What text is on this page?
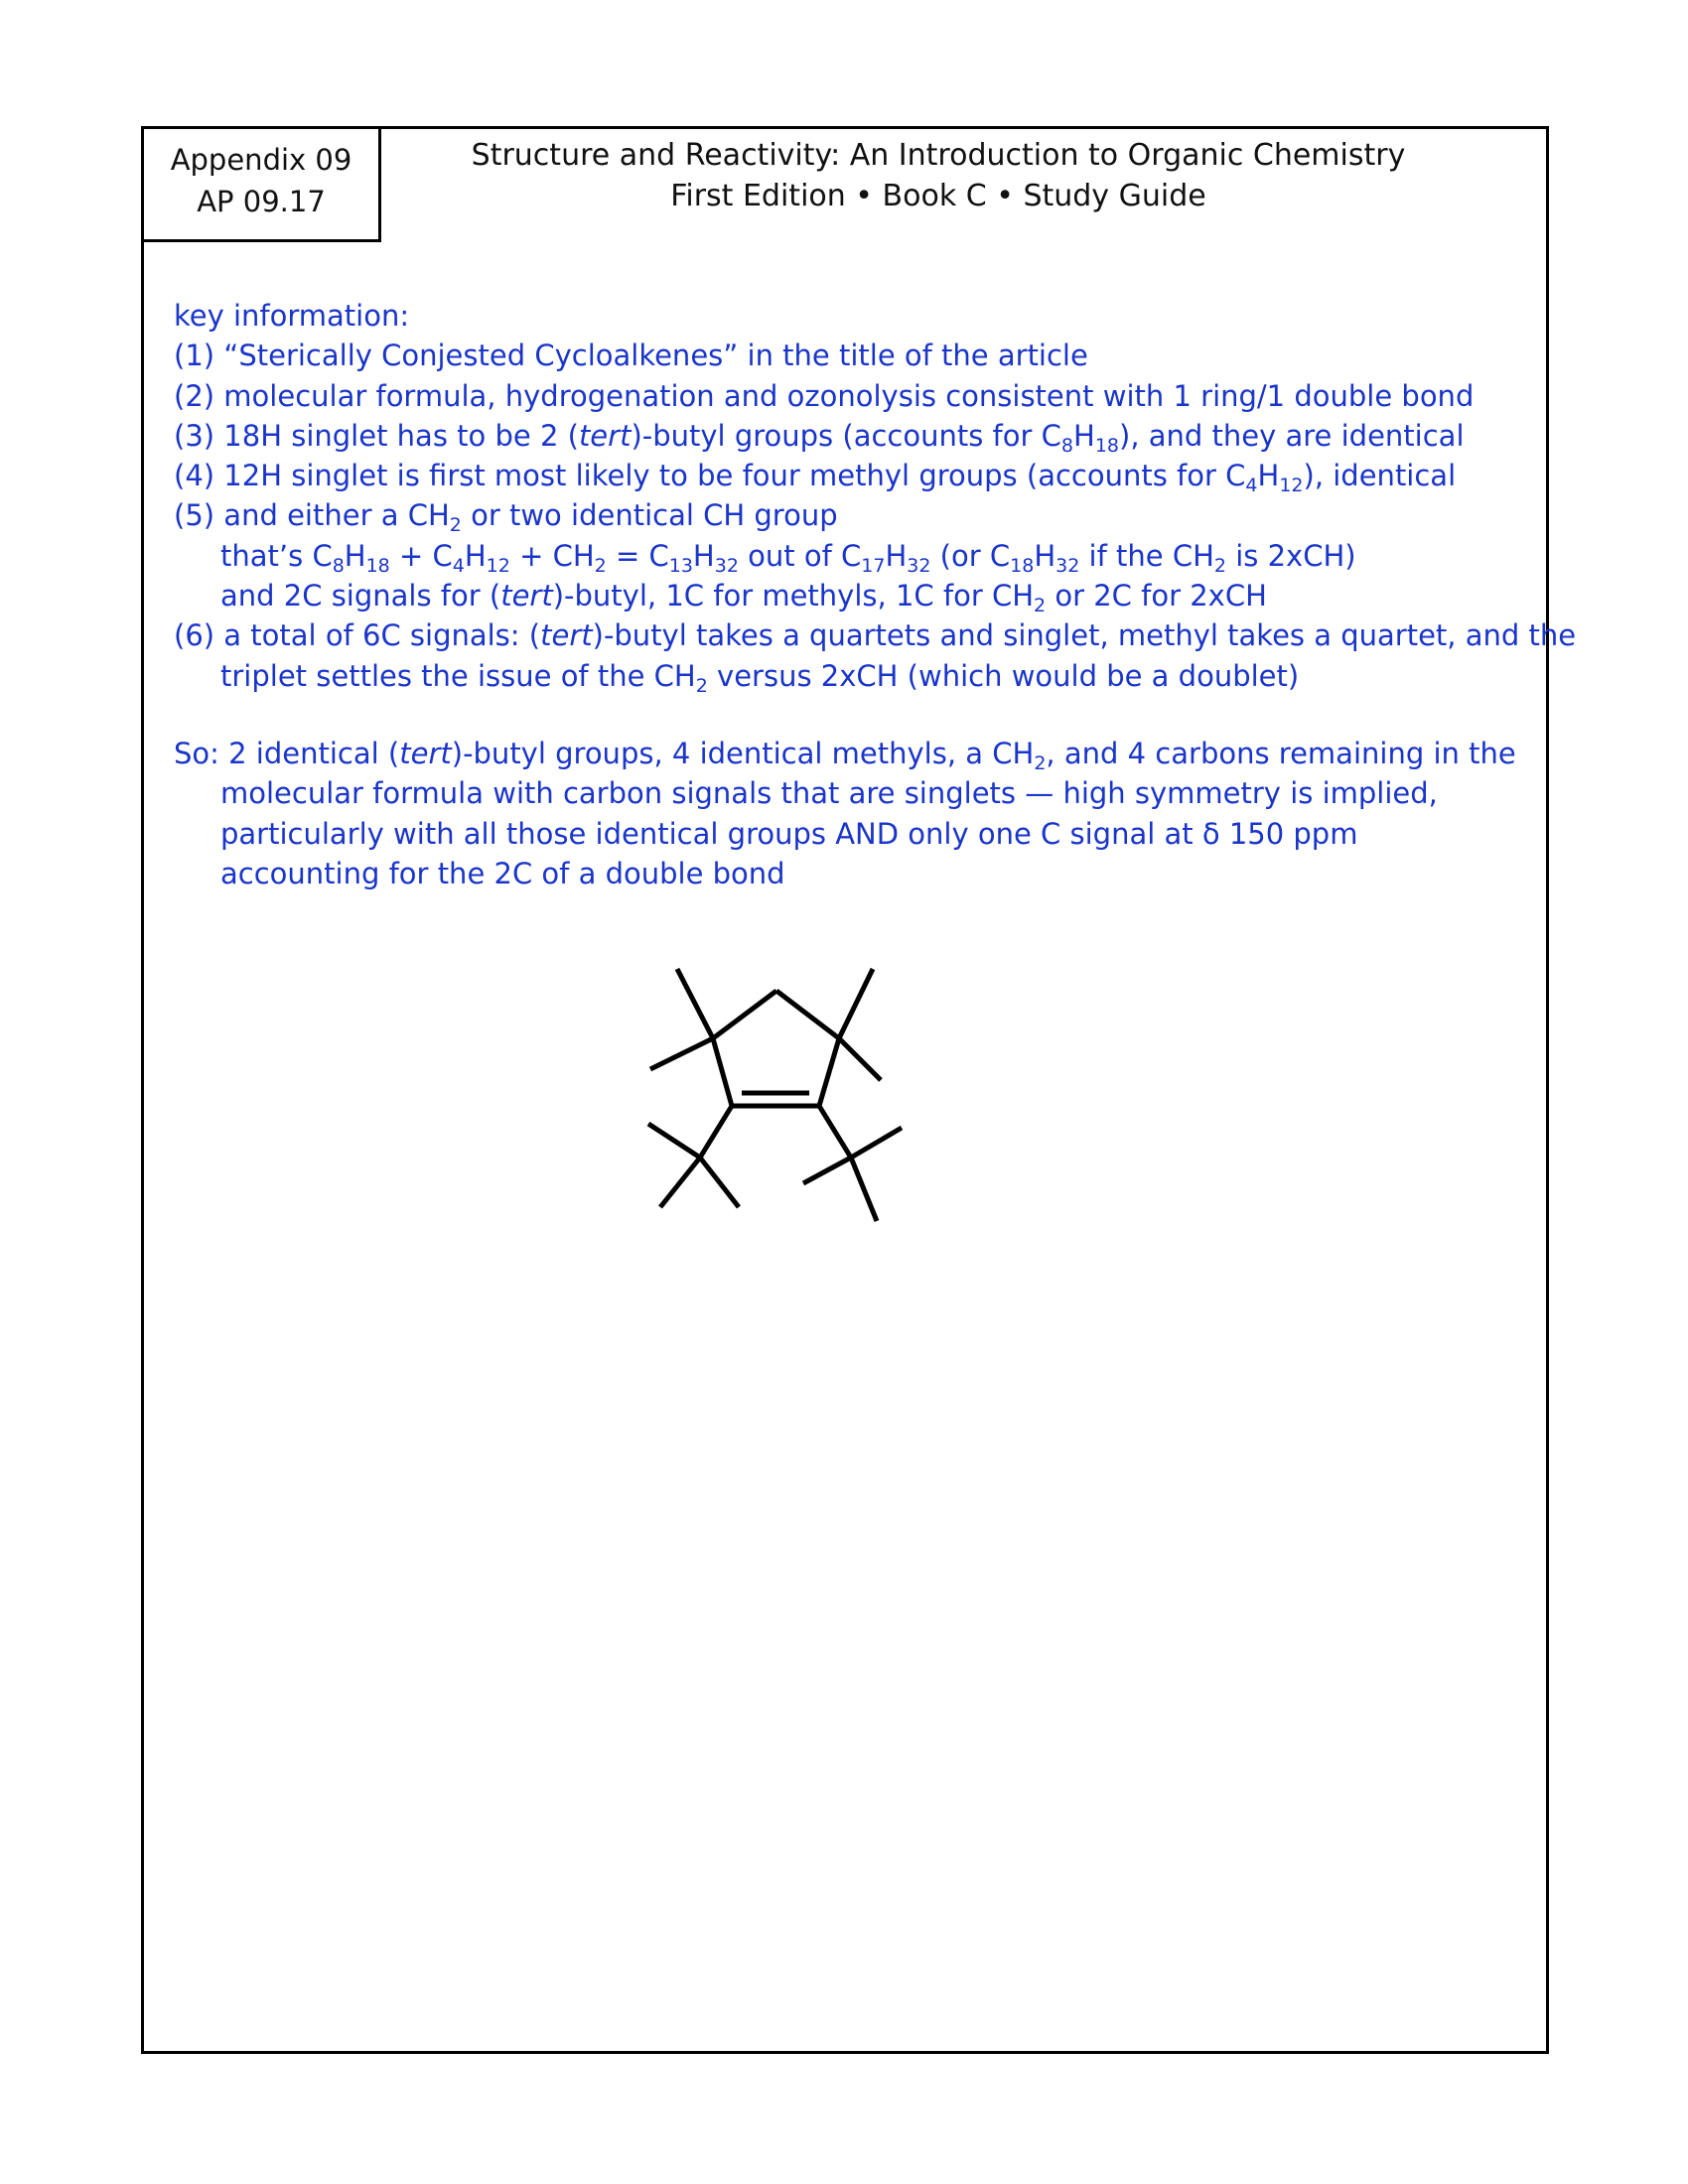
Appendix 09
AP 09.17
Structure and Reactivity: An Introduction to Organic Chemistry
First Edition • Book C • Study Guide
key information:
(1) “Sterically Conjested Cycloalkenes” in the title of the article
(2) molecular formula, hydrogenation and ozonolysis consistent with 1 ring/1 double bond
(3) 18H singlet has to be 2 (tert)-butyl groups (accounts for $C_8H_{18}$), and they are identical
(4) 12H singlet is first most likely to be four methyl groups (accounts for $C_4H_{12}$), identical
(5) and either a $CH_2$ or two identical CH group
that’s $C_8H_{18} + C_4H_{12} + CH_2 = C_{13}H_{32}$ out of $C_{17}H_{32}$ (or $C_{18}H_{32}$ if the $CH_2$ is 2xCH)
and 2C signals for (tert)-butyl, 1C for methyls, 1C for $CH_2$ or 2C for 2xCH
(6) a total of 6C signals: (tert)-butyl takes a quartets and singlet, methyl takes a quartet, and the
triplet settles the issue of the $CH_2$ versus 2xCH (which would be a doublet)
So: 2 identical (tert)-butyl groups, 4 identical methyls, a $CH_2$, and 4 carbons remaining in the
molecular formula with carbon signals that are singlets — high symmetry is implied,
particularly with all those identical groups AND only one C signal at δ 150 ppm
accounting for the 2C of a double bond
